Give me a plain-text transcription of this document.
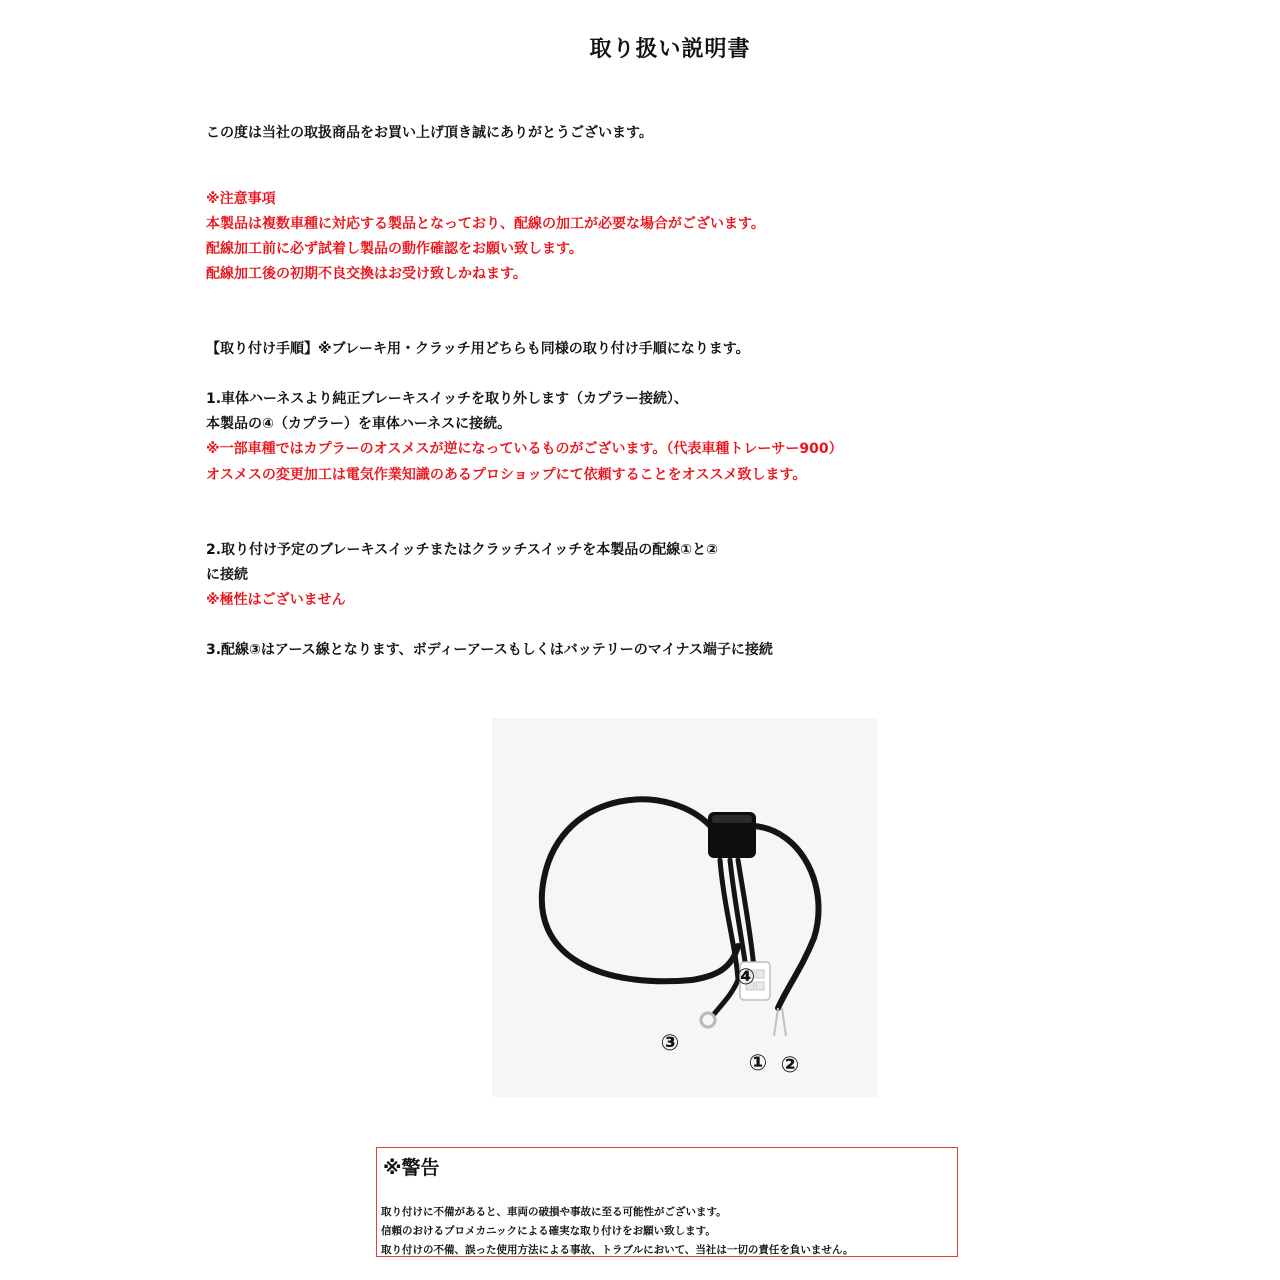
取り扱い説明書
この度は当社の取扱商品をお買い上げ頂き誠にありがとうございます。
※注意事項
本製品は複数車種に対応する製品となっており、配線の加工が必要な場合がございます。
配線加工前に必ず試着し製品の動作確認をお願い致します。
配線加工後の初期不良交換はお受け致しかねます。
【取り付け手順】※ブレーキ用・クラッチ用どちらも同様の取り付け手順になります。
1.車体ハーネスより純正ブレーキスイッチを取り外します（カプラー接続）、
本製品の④（カプラー）を車体ハーネスに接続。
※一部車種ではカプラーのオスメスが逆になっているものがございます。（代表車種トレーサー900）
オスメスの変更加工は電気作業知識のあるプロショップにて依頼することをオススメ致します。
2.取り付け予定のブレーキスイッチまたはクラッチスイッチを本製品の配線①と②
に接続
※極性はございません
3.配線③はアース線となります、ボディーアースもしくはバッテリーのマイナス端子に接続
④
③
① ②
※警告
取り付けに不備があると、車両の破損や事故に至る可能性がございます。
信頼のおけるプロメカニックによる確実な取り付けをお願い致します。
取り付けの不備、誤った使用方法による事故、トラブルにおいて、当社は一切の責任を負いません。
